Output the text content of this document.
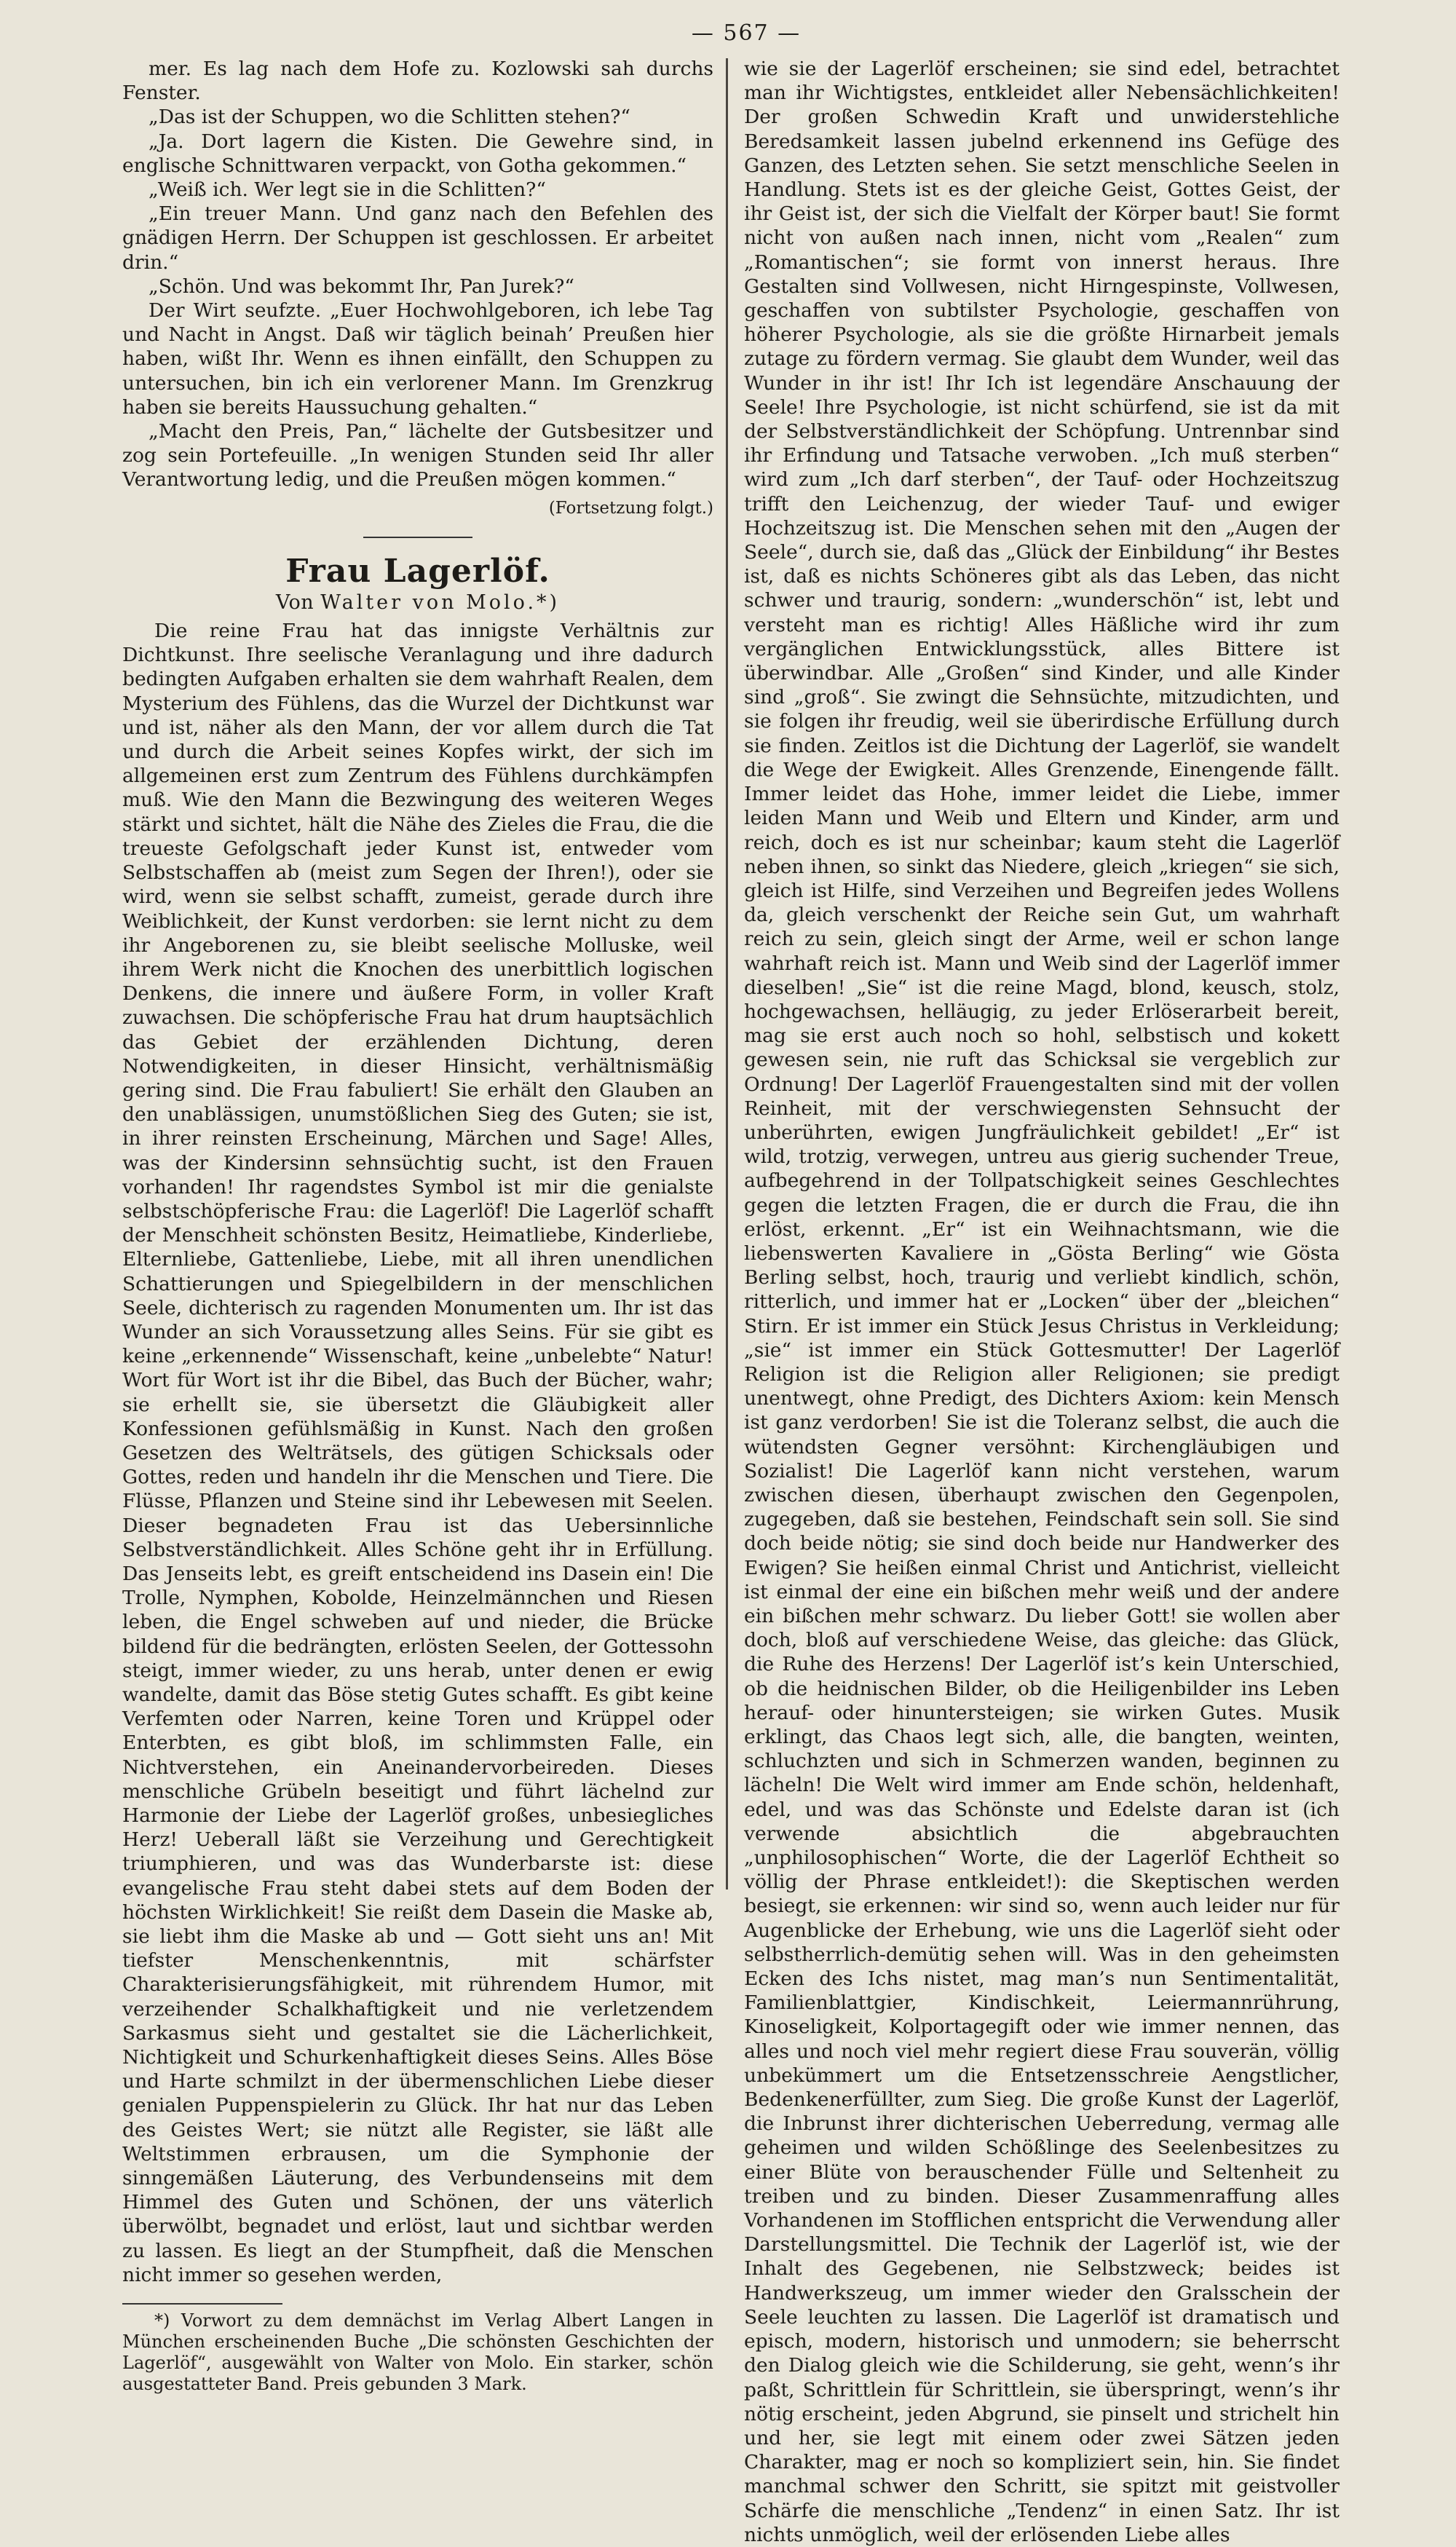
— 567 —

mer. Es lag nach dem Hofe zu. Kozlowski sah durchs Fenster.

„Das ist der Schuppen, wo die Schlitten stehen?“

„Ja. Dort lagern die Kisten. Die Gewehre sind, in englische Schnittwaren verpackt, von Gotha gekommen.“

„Weiß ich. Wer legt sie in die Schlitten?“

„Ein treuer Mann. Und ganz nach den Befehlen des gnädigen Herrn. Der Schuppen ist geschlossen. Er arbeitet drin.“

„Schön. Und was bekommt Ihr, Pan Jurek?“

Der Wirt seufzte. „Euer Hochwohlgeboren, ich lebe Tag und Nacht in Angst. Daß wir täglich beinah’ Preußen hier haben, wißt Ihr. Wenn es ihnen einfällt, den Schuppen zu untersuchen, bin ich ein verlorener Mann. Im Grenzkrug haben sie bereits Haussuchung gehalten.“

„Macht den Preis, Pan,“ lächelte der Gutsbesitzer und zog sein Portefeuille. „In wenigen Stunden seid Ihr aller Verantwortung ledig, und die Preußen mögen kommen.“

(Fortsetzung folgt.)
Frau Lagerlöf.
Von Walter von Molo.*)

Die reine Frau hat das innigste Verhältnis zur Dichtkunst. Ihre seelische Veranlagung und ihre dadurch bedingten Aufgaben erhalten sie dem wahrhaft Realen, dem Mysterium des Fühlens, das die Wurzel der Dichtkunst war und ist, näher als den Mann, der vor allem durch die Tat und durch die Arbeit seines Kopfes wirkt, der sich im allgemeinen erst zum Zentrum des Fühlens durchkämpfen muß. Wie den Mann die Bezwingung des weiteren Weges stärkt und sichtet, hält die Nähe des Zieles die Frau, die die treueste Gefolgschaft jeder Kunst ist, entweder vom Selbstschaffen ab (meist zum Segen der Ihren!), oder sie wird, wenn sie selbst schafft, zumeist, gerade durch ihre Weiblichkeit, der Kunst verdorben: sie lernt nicht zu dem ihr Angeborenen zu, sie bleibt seelische Molluske, weil ihrem Werk nicht die Knochen des unerbittlich logischen Denkens, die innere und äußere Form, in voller Kraft zuwachsen. Die schöpferische Frau hat drum hauptsächlich das Gebiet der erzählenden Dichtung, deren Notwendigkeiten, in dieser Hinsicht, verhältnismäßig gering sind. Die Frau fabuliert! Sie erhält den Glauben an den unablässigen, unumstößlichen Sieg des Guten; sie ist, in ihrer reinsten Erscheinung, Märchen und Sage! Alles, was der Kindersinn sehnsüchtig sucht, ist den Frauen vorhanden! Ihr ragendstes Symbol ist mir die genialste selbstschöpferische Frau: die Lagerlöf! Die Lagerlöf schafft der Menschheit schönsten Besitz, Heimatliebe, Kinderliebe, Elternliebe, Gattenliebe, Liebe, mit all ihren unendlichen Schattierungen und Spiegelbildern in der menschlichen Seele, dichterisch zu ragenden Monumenten um. Ihr ist das Wunder an sich Voraussetzung alles Seins. Für sie gibt es keine „erkennende“ Wissenschaft, keine „unbelebte“ Natur! Wort für Wort ist ihr die Bibel, das Buch der Bücher, wahr; sie erhellt sie, sie übersetzt die Gläubigkeit aller Konfessionen gefühlsmäßig in Kunst. Nach den großen Gesetzen des Welträtsels, des gütigen Schicksals oder Gottes, reden und handeln ihr die Menschen und Tiere. Die Flüsse, Pflanzen und Steine sind ihr Lebewesen mit Seelen. Dieser begnadeten Frau ist das Uebersinnliche Selbstverständlichkeit. Alles Schöne geht ihr in Erfüllung. Das Jenseits lebt, es greift entscheidend ins Dasein ein! Die Trolle, Nymphen, Kobolde, Heinzelmännchen und Riesen leben, die Engel schweben auf und nieder, die Brücke bildend für die bedrängten, erlösten Seelen, der Gottessohn steigt, immer wieder, zu uns herab, unter denen er ewig wandelte, damit das Böse stetig Gutes schafft. Es gibt keine Verfemten oder Narren, keine Toren und Krüppel oder Enterbten, es gibt bloß, im schlimmsten Falle, ein Nichtverstehen, ein Aneinandervorbeireden. Dieses menschliche Grübeln beseitigt und führt lächelnd zur Harmonie der Liebe der Lagerlöf großes, unbesiegliches Herz! Ueberall läßt sie Verzeihung und Gerechtigkeit triumphieren, und was das Wunderbarste ist: diese evangelische Frau steht dabei stets auf dem Boden der höchsten Wirklichkeit! Sie reißt dem Dasein die Maske ab, sie liebt ihm die Maske ab und — Gott sieht uns an! Mit tiefster Menschenkenntnis, mit schärfster Charakterisierungsfähigkeit, mit rührendem Humor, mit verzeihender Schalkhaftigkeit und nie verletzendem Sarkasmus sieht und gestaltet sie die Lächerlichkeit, Nichtigkeit und Schurkenhaftigkeit dieses Seins. Alles Böse und Harte schmilzt in der übermenschlichen Liebe dieser genialen Puppenspielerin zu Glück. Ihr hat nur das Leben des Geistes Wert; sie nützt alle Register, sie läßt alle Weltstimmen erbrausen, um die Symphonie der sinngemäßen Läuterung, des Verbundenseins mit dem Himmel des Guten und Schönen, der uns väterlich überwölbt, begnadet und erlöst, laut und sichtbar werden zu lassen. Es liegt an der Stumpfheit, daß die Menschen nicht immer so gesehen werden,

*) Vorwort zu dem demnächst im Verlag Albert Langen in München erscheinenden Buche „Die schönsten Geschichten der Lagerlöf“, ausgewählt von Walter von Molo. Ein starker, schön ausgestatteter Band. Preis gebunden 3 Mark.

wie sie der Lagerlöf erscheinen; sie sind edel, betrachtet man ihr Wichtigstes, entkleidet aller Nebensächlichkeiten! Der großen Schwedin Kraft und unwiderstehliche Beredsamkeit lassen jubelnd erkennend ins Gefüge des Ganzen, des Letzten sehen. Sie setzt menschliche Seelen in Handlung. Stets ist es der gleiche Geist, Gottes Geist, der ihr Geist ist, der sich die Vielfalt der Körper baut! Sie formt nicht von außen nach innen, nicht vom „Realen“ zum „Romantischen“; sie formt von innerst heraus. Ihre Gestalten sind Vollwesen, nicht Hirngespinste, Vollwesen, geschaffen von subtilster Psychologie, geschaffen von höherer Psychologie, als sie die größte Hirnarbeit jemals zutage zu fördern vermag. Sie glaubt dem Wunder, weil das Wunder in ihr ist! Ihr Ich ist legendäre Anschauung der Seele! Ihre Psychologie, ist nicht schürfend, sie ist da mit der Selbstverständlichkeit der Schöpfung. Untrennbar sind ihr Erfindung und Tatsache verwoben. „Ich muß sterben“ wird zum „Ich darf sterben“, der Tauf- oder Hochzeitszug trifft den Leichenzug, der wieder Tauf- und ewiger Hochzeitszug ist. Die Menschen sehen mit den „Augen der Seele“, durch sie, daß das „Glück der Einbildung“ ihr Bestes ist, daß es nichts Schöneres gibt als das Leben, das nicht schwer und traurig, sondern: „wunderschön“ ist, lebt und versteht man es richtig! Alles Häßliche wird ihr zum vergänglichen Entwicklungsstück, alles Bittere ist überwindbar. Alle „Großen“ sind Kinder, und alle Kinder sind „groß“. Sie zwingt die Sehnsüchte, mitzudichten, und sie folgen ihr freudig, weil sie überirdische Erfüllung durch sie finden. Zeitlos ist die Dichtung der Lagerlöf, sie wandelt die Wege der Ewigkeit. Alles Grenzende, Einengende fällt. Immer leidet das Hohe, immer leidet die Liebe, immer leiden Mann und Weib und Eltern und Kinder, arm und reich, doch es ist nur scheinbar; kaum steht die Lagerlöf neben ihnen, so sinkt das Niedere, gleich „kriegen“ sie sich, gleich ist Hilfe, sind Verzeihen und Begreifen jedes Wollens da, gleich verschenkt der Reiche sein Gut, um wahrhaft reich zu sein, gleich singt der Arme, weil er schon lange wahrhaft reich ist. Mann und Weib sind der Lagerlöf immer dieselben! „Sie“ ist die reine Magd, blond, keusch, stolz, hochgewachsen, helläugig, zu jeder Erlöserarbeit bereit, mag sie erst auch noch so hohl, selbstisch und kokett gewesen sein, nie ruft das Schicksal sie vergeblich zur Ordnung! Der Lagerlöf Frauengestalten sind mit der vollen Reinheit, mit der verschwiegensten Sehnsucht der unberührten, ewigen Jungfräulichkeit gebildet! „Er“ ist wild, trotzig, verwegen, untreu aus gierig suchender Treue, aufbegehrend in der Tollpatschigkeit seines Geschlechtes gegen die letzten Fragen, die er durch die Frau, die ihn erlöst, erkennt. „Er“ ist ein Weihnachtsmann, wie die liebenswerten Kavaliere in „Gösta Berling“ wie Gösta Berling selbst, hoch, traurig und verliebt kindlich, schön, ritterlich, und immer hat er „Locken“ über der „bleichen“ Stirn. Er ist immer ein Stück Jesus Christus in Verkleidung; „sie“ ist immer ein Stück Gottesmutter! Der Lagerlöf Religion ist die Religion aller Religionen; sie predigt unentwegt, ohne Predigt, des Dichters Axiom: kein Mensch ist ganz verdorben! Sie ist die Toleranz selbst, die auch die wütendsten Gegner versöhnt: Kirchengläubigen und Sozialist! Die Lagerlöf kann nicht verstehen, warum zwischen diesen, überhaupt zwischen den Gegenpolen, zugegeben, daß sie bestehen, Feindschaft sein soll. Sie sind doch beide nötig; sie sind doch beide nur Handwerker des Ewigen? Sie heißen einmal Christ und Antichrist, vielleicht ist einmal der eine ein bißchen mehr weiß und der andere ein bißchen mehr schwarz. Du lieber Gott! sie wollen aber doch, bloß auf verschiedene Weise, das gleiche: das Glück, die Ruhe des Herzens! Der Lagerlöf ist’s kein Unterschied, ob die heidnischen Bilder, ob die Heiligenbilder ins Leben herauf- oder hinuntersteigen; sie wirken Gutes. Musik erklingt, das Chaos legt sich, alle, die bangten, weinten, schluchzten und sich in Schmerzen wanden, beginnen zu lächeln! Die Welt wird immer am Ende schön, heldenhaft, edel, und was das Schönste und Edelste daran ist (ich verwende absichtlich die abgebrauchten „unphilosophischen“ Worte, die der Lagerlöf Echtheit so völlig der Phrase entkleidet!): die Skeptischen werden besiegt, sie erkennen: wir sind so, wenn auch leider nur für Augenblicke der Erhebung, wie uns die Lagerlöf sieht oder selbstherrlich-demütig sehen will. Was in den geheimsten Ecken des Ichs nistet, mag man’s nun Sentimentalität, Familienblattgier, Kindischkeit, Leiermannrührung, Kinoseligkeit, Kolportagegift oder wie immer nennen, das alles und noch viel mehr regiert diese Frau souverän, völlig unbekümmert um die Entsetzensschreie Aengstlicher, Bedenkenerfüllter, zum Sieg. Die große Kunst der Lagerlöf, die Inbrunst ihrer dichterischen Ueberredung, vermag alle geheimen und wilden Schößlinge des Seelenbesitzes zu einer Blüte von berauschender Fülle und Seltenheit zu treiben und zu binden. Dieser Zusammenraffung alles Vorhandenen im Stofflichen entspricht die Verwendung aller Darstellungsmittel. Die Technik der Lagerlöf ist, wie der Inhalt des Gegebenen, nie Selbstzweck; beides ist Handwerkszeug, um immer wieder den Gralsschein der Seele leuchten zu lassen. Die Lagerlöf ist dramatisch und episch, modern, historisch und unmodern; sie beherrscht den Dialog gleich wie die Schilderung, sie geht, wenn’s ihr paßt, Schrittlein für Schrittlein, sie überspringt, wenn’s ihr nötig erscheint, jeden Abgrund, sie pinselt und strichelt hin und her, sie legt mit einem oder zwei Sätzen jeden Charakter, mag er noch so kompliziert sein, hin. Sie findet manchmal schwer den Schritt, sie spitzt mit geistvoller Schärfe die menschliche „Tendenz“ in einen Satz. Ihr ist nichts unmöglich, weil der erlösenden Liebe alles
